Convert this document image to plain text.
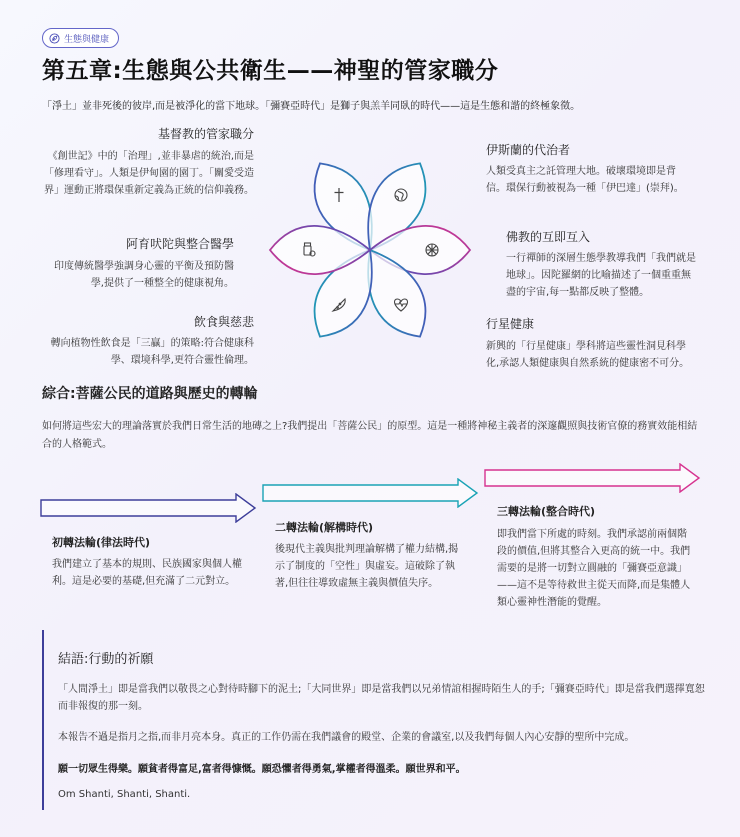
生態與健康
第五章:生態與公共衛生——神聖的管家職分
「淨土」並非死後的彼岸,而是被淨化的當下地球。「彌賽亞時代」是獅子與羔羊同臥的時代——這是生態和諧的終極象徵。
基督教的管家職分
《創世記》中的「治理」,並非暴虐的統治,而是「修理看守」。人類是伊甸園的園丁。「關愛受造界」運動正將環保重新定義為正統的信仰義務。
阿育吠陀與整合醫學
印度傳統醫學強調身心靈的平衡及預防醫學,提供了一種整全的健康視角。
飲食與慈悲
轉向植物性飲食是「三贏」的策略:符合健康科學、環境科學,更符合靈性倫理。
伊斯蘭的代治者
人類受真主之託管理大地。破壞環境即是背信。環保行動被視為一種「伊巴達」(崇拜)。
佛教的互即互入
一行禪師的深層生態學教導我們「我們就是地球」。因陀羅網的比喻描述了一個重重無盡的宇宙,每一點都反映了整體。
行星健康
新興的「行星健康」學科將這些靈性洞見科學化,承認人類健康與自然系統的健康密不可分。
綜合:菩薩公民的道路與歷史的轉輪
如何將這些宏大的理論落實於我們日常生活的地磚之上?我們提出「菩薩公民」的原型。這是一種將神秘主義者的深邃觀照與技術官僚的務實效能相結合的人格範式。
初轉法輪(律法時代)
我們建立了基本的規則、民族國家與個人權利。這是必要的基礎,但充滿了二元對立。
二轉法輪(解構時代)
後現代主義與批判理論解構了權力結構,揭示了制度的「空性」與虛妄。這破除了執著,但往往導致虛無主義與價值失序。
三轉法輪(整合時代)
即我們當下所處的時刻。我們承認前兩個階段的價值,但將其整合入更高的統一中。我們需要的是將一切對立圓融的「彌賽亞意識」——這不是等待救世主從天而降,而是集體人類心靈神性潛能的覺醒。
結語:行動的祈願
「人間淨土」即是當我們以敬畏之心對待時腳下的泥土;「大同世界」即是當我們以兄弟情誼相握時陌生人的手;「彌賽亞時代」即是當我們選擇寬恕而非報復的那一刻。
本報告不過是指月之指,而非月亮本身。真正的工作仍需在我們議會的殿堂、企業的會議室,以及我們每個人內心安靜的聖所中完成。
願一切眾生得樂。願貧者得富足,富者得慷慨。願恐懼者得勇氣,掌權者得溫柔。願世界和平。
Om Shanti, Shanti, Shanti.
